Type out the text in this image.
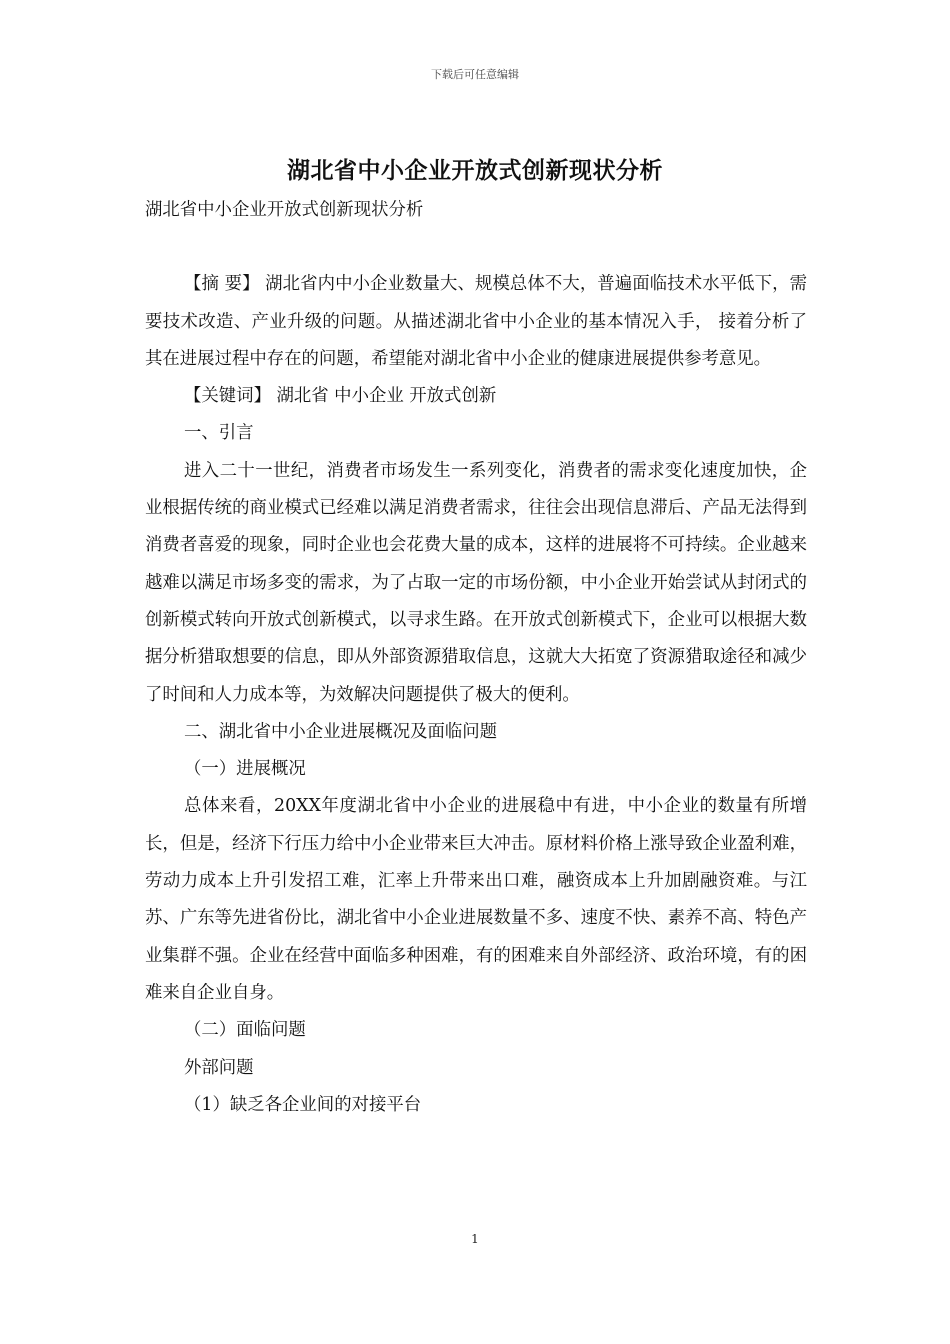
下载后可任意编辑
湖北省中小企业开放式创新现状分析

湖北省中小企业开放式创新现状分析

【摘 要】 湖北省内中小企业数量大、规模总体不大，普遍面临技术水平低下，需要技术改造、产业升级的问题。从描述湖北省中小企业的基本情况入手， 接着分析了其在进展过程中存在的问题，希望能对湖北省中小企业的健康进展提供参考意见。

【关键词】 湖北省 中小企业 开放式创新

一、引言

进入二十一世纪，消费者市场发生一系列变化，消费者的需求变化速度加快，企业根据传统的商业模式已经难以满足消费者需求，往往会出现信息滞后、产品无法得到消费者喜爱的现象，同时企业也会花费大量的成本，这样的进展将不可持续。企业越来越难以满足市场多变的需求，为了占取一定的市场份额，中小企业开始尝试从封闭式的创新模式转向开放式创新模式，以寻求生路。在开放式创新模式下，企业可以根据大数据分析猎取想要的信息，即从外部资源猎取信息，这就大大拓宽了资源猎取途径和减少了时间和人力成本等，为效解决问题提供了极大的便利。

二、湖北省中小企业进展概况及面临问题

（一）进展概况

总体来看，20XX年度湖北省中小企业的进展稳中有进，中小企业的数量有所增长，但是，经济下行压力给中小企业带来巨大冲击。原材料价格上涨导致企业盈利难，劳动力成本上升引发招工难，汇率上升带来出口难，融资成本上升加剧融资难。与江苏、广东等先进省份比，湖北省中小企业进展数量不多、速度不快、素养不高、特色产业集群不强。企业在经营中面临多种困难，有的困难来自外部经济、政治环境，有的困难来自企业自身。

（二）面临问题

外部问题

（1）缺乏各企业间的对接平台

1
